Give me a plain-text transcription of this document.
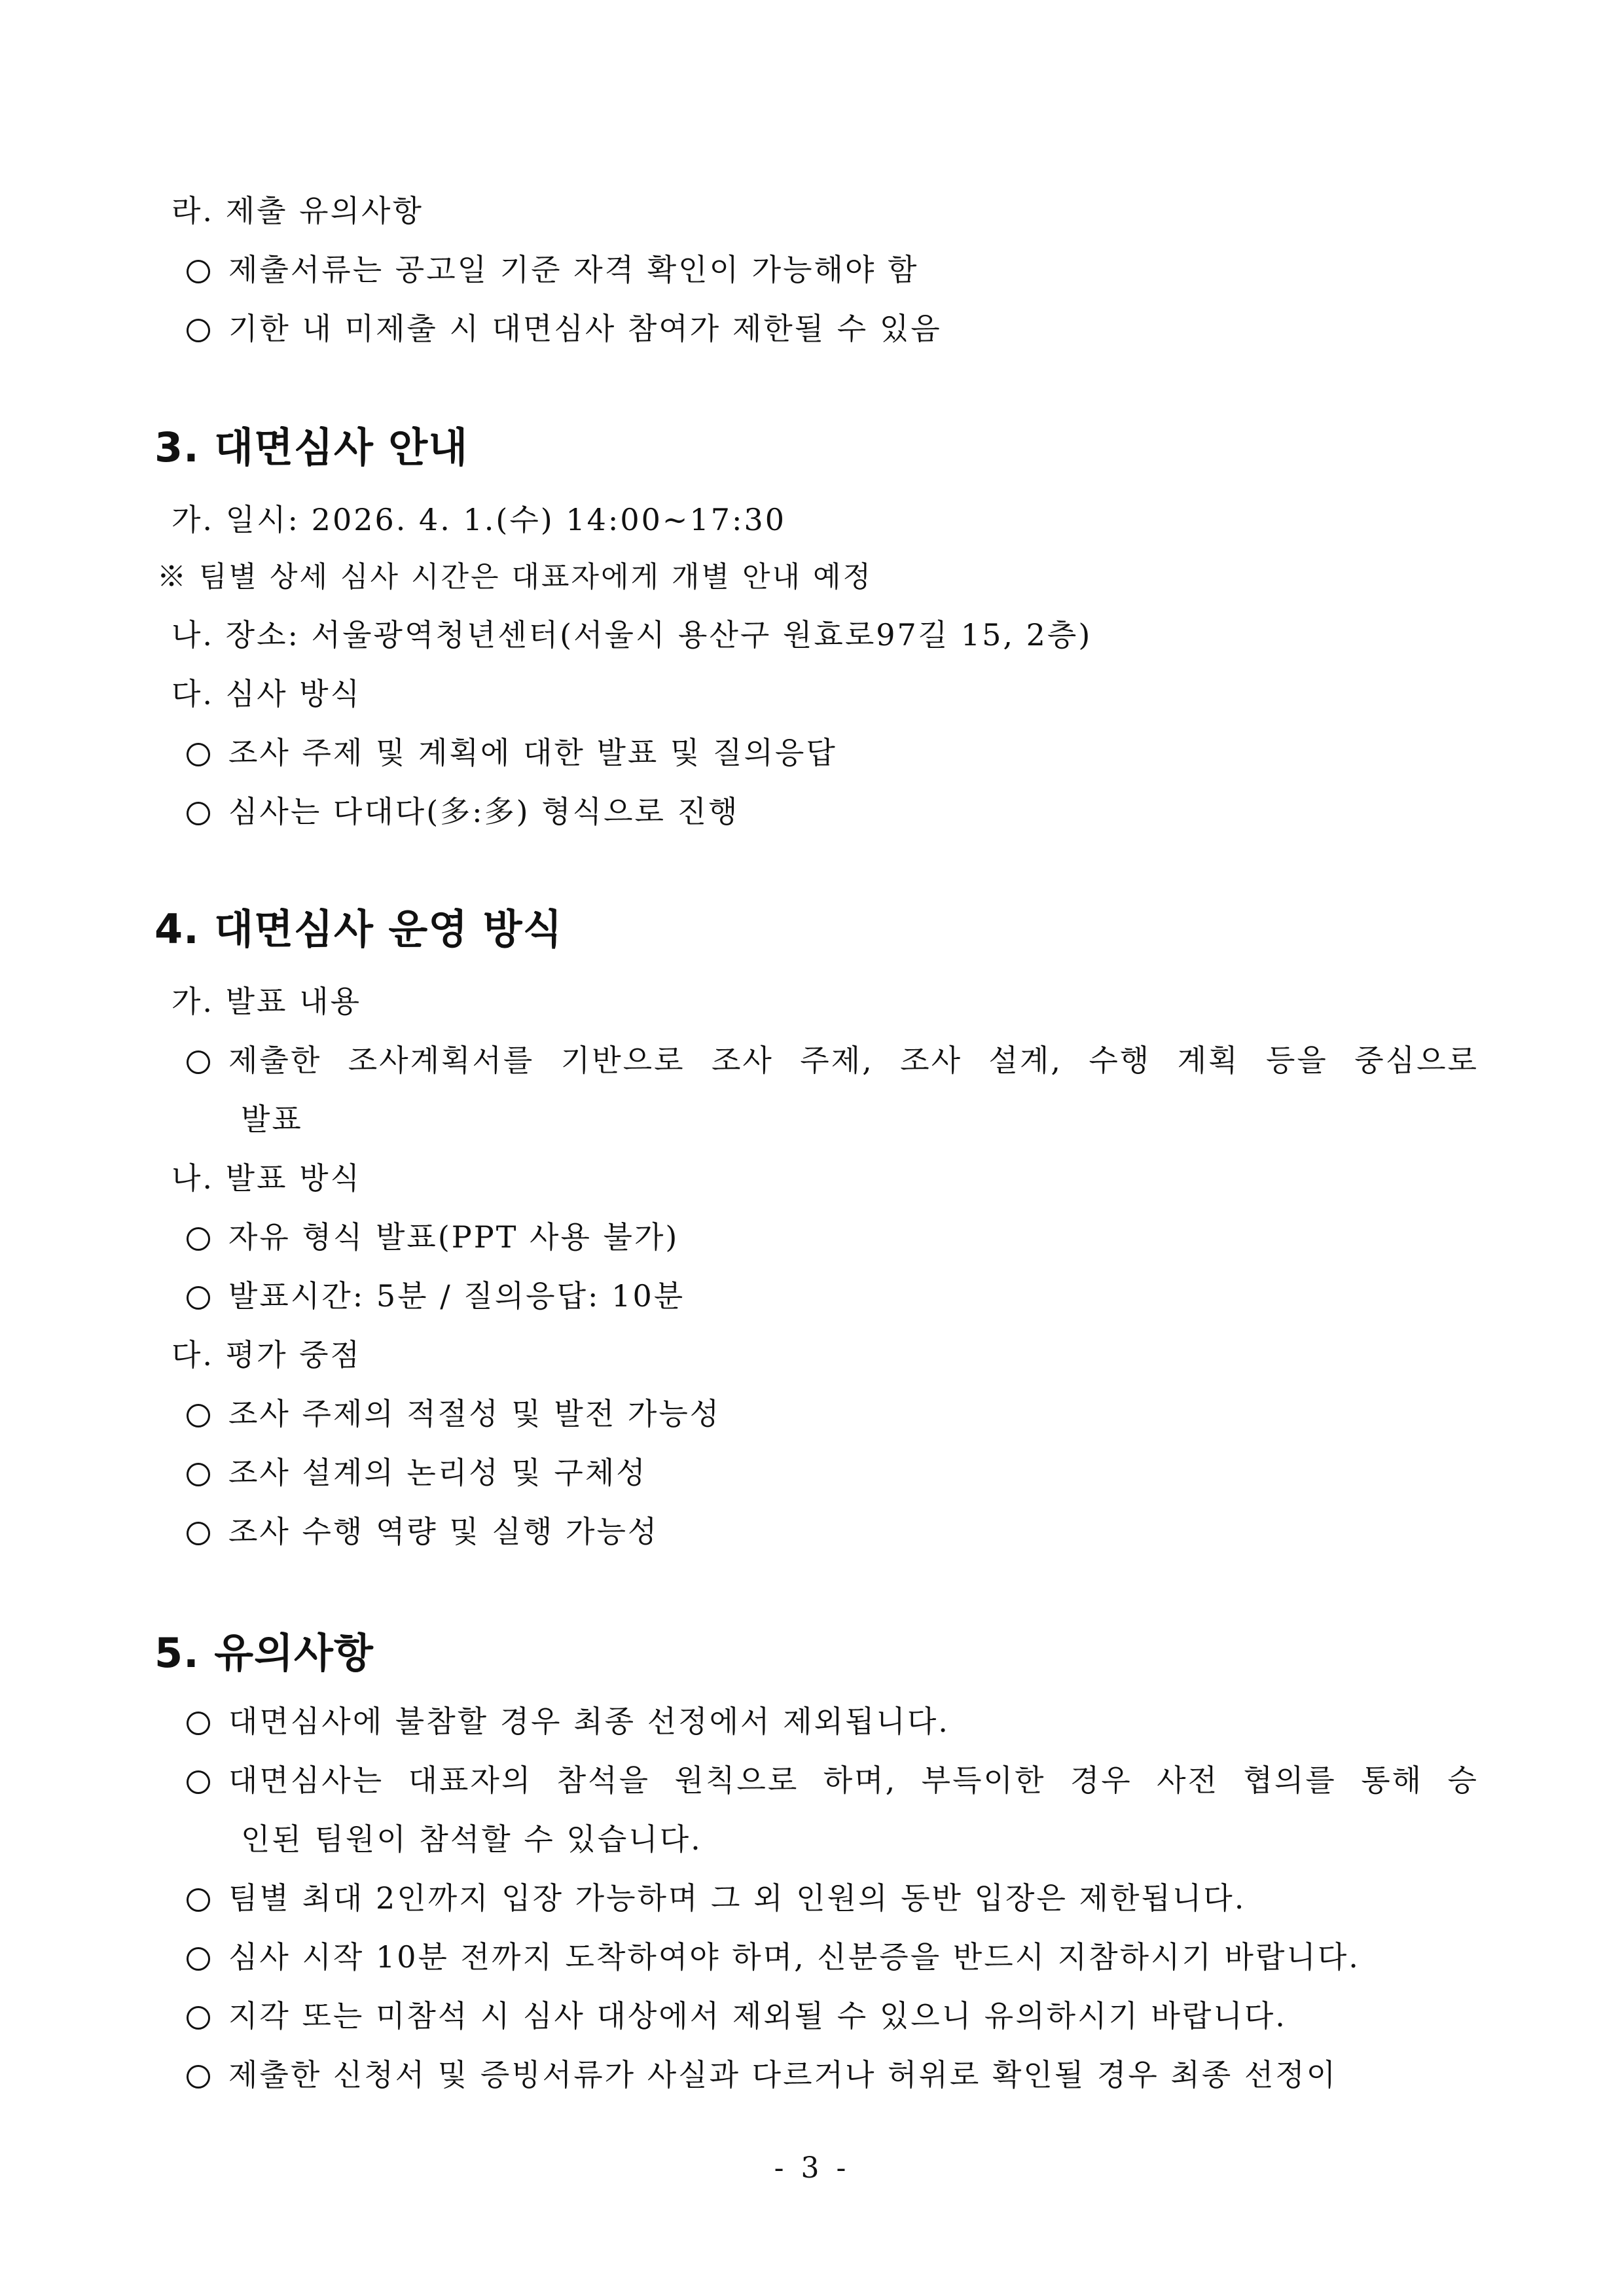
라. 제출 유의사항
제출서류는 공고일 기준 자격 확인이 가능해야 함
기한 내 미제출 시 대면심사 참여가 제한될 수 있음
3. 대면심사 안내
가. 일시: 2026. 4. 1.(수) 14:00~17:30
※ 팀별 상세 심사 시간은 대표자에게 개별 안내 예정
나. 장소: 서울광역청년센터(서울시 용산구 원효로97길 15, 2층)
다. 심사 방식
조사 주제 및 계획에 대한 발표 및 질의응답
심사는 다대다(多:多) 형식으로 진행
4. 대면심사 운영 방식
가. 발표 내용
제출한 조사계획서를 기반으로 조사 주제, 조사 설계, 수행 계획 등을 중심으로
발표
나. 발표 방식
자유 형식 발표(PPT 사용 불가)
발표시간: 5분 / 질의응답: 10분
다. 평가 중점
조사 주제의 적절성 및 발전 가능성
조사 설계의 논리성 및 구체성
조사 수행 역량 및 실행 가능성
5. 유의사항
대면심사에 불참할 경우 최종 선정에서 제외됩니다.
대면심사는 대표자의 참석을 원칙으로 하며, 부득이한 경우 사전 협의를 통해 승
인된 팀원이 참석할 수 있습니다.
팀별 최대 2인까지 입장 가능하며 그 외 인원의 동반 입장은 제한됩니다.
심사 시작 10분 전까지 도착하여야 하며, 신분증을 반드시 지참하시기 바랍니다.
지각 또는 미참석 시 심사 대상에서 제외될 수 있으니 유의하시기 바랍니다.
제출한 신청서 및 증빙서류가 사실과 다르거나 허위로 확인될 경우 최종 선정이
- 3 -
